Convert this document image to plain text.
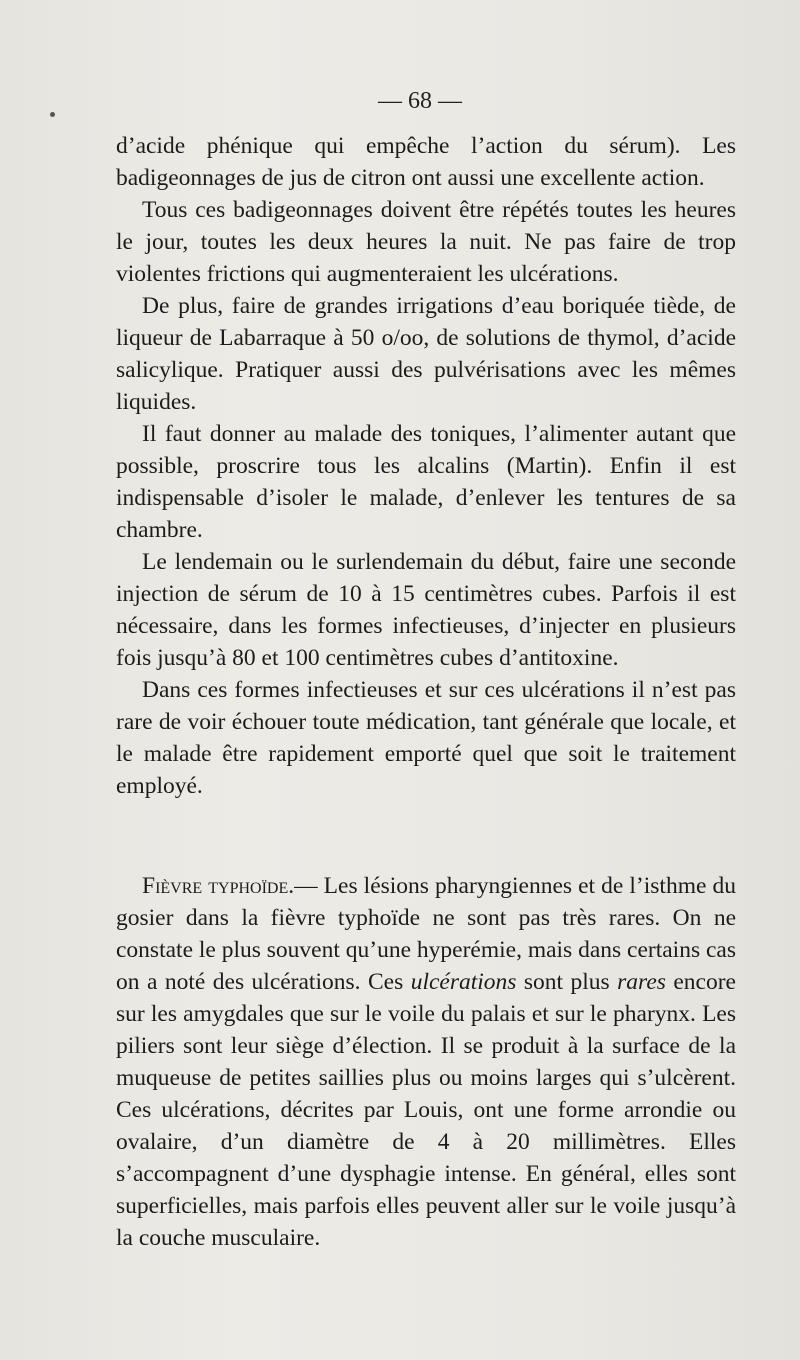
— 68 —

d’acide phénique qui empêche l’action du sérum). Les badigeonnages de jus de citron ont aussi une excellente action.

Tous ces badigeonnages doivent être répétés toutes les heures le jour, toutes les deux heures la nuit. Ne pas faire de trop violentes frictions qui augmenteraient les ulcérations.

De plus, faire de grandes irrigations d’eau boriquée tiède, de liqueur de Labarraque à 50 o/oo, de solutions de thymol, d’acide salicylique. Pratiquer aussi des pulvérisations avec les mêmes liquides.

Il faut donner au malade des toniques, l’alimenter autant que possible, proscrire tous les alcalins (Martin). Enfin il est indispensable d’isoler le malade, d’enlever les tentures de sa chambre.

Le lendemain ou le surlendemain du début, faire une seconde injection de sérum de 10 à 15 centimètres cubes. Parfois il est nécessaire, dans les formes infectieuses, d’injecter en plusieurs fois jusqu’à 80 et 100 centimètres cubes d’antitoxine.

Dans ces formes infectieuses et sur ces ulcérations il n’est pas rare de voir échouer toute médication, tant générale que locale, et le malade être rapidement emporté quel que soit le traitement employé.

Fièvre typhoïde.— Les lésions pharyngiennes et de l’isthme du gosier dans la fièvre typhoïde ne sont pas très rares. On ne constate le plus souvent qu’une hyperémie, mais dans certains cas on a noté des ulcérations. Ces ulcérations sont plus rares encore sur les amygdales que sur le voile du palais et sur le pharynx. Les piliers sont leur siège d’élection. Il se produit à la surface de la muqueuse de petites saillies plus ou moins larges qui s’ulcèrent. Ces ulcérations, décrites par Louis, ont une forme arrondie ou ovalaire, d’un diamètre de 4 à 20 millimètres. Elles s’accompagnent d’une dysphagie intense. En général, elles sont superficielles, mais parfois elles peuvent aller sur le voile jusqu’à la couche musculaire.
